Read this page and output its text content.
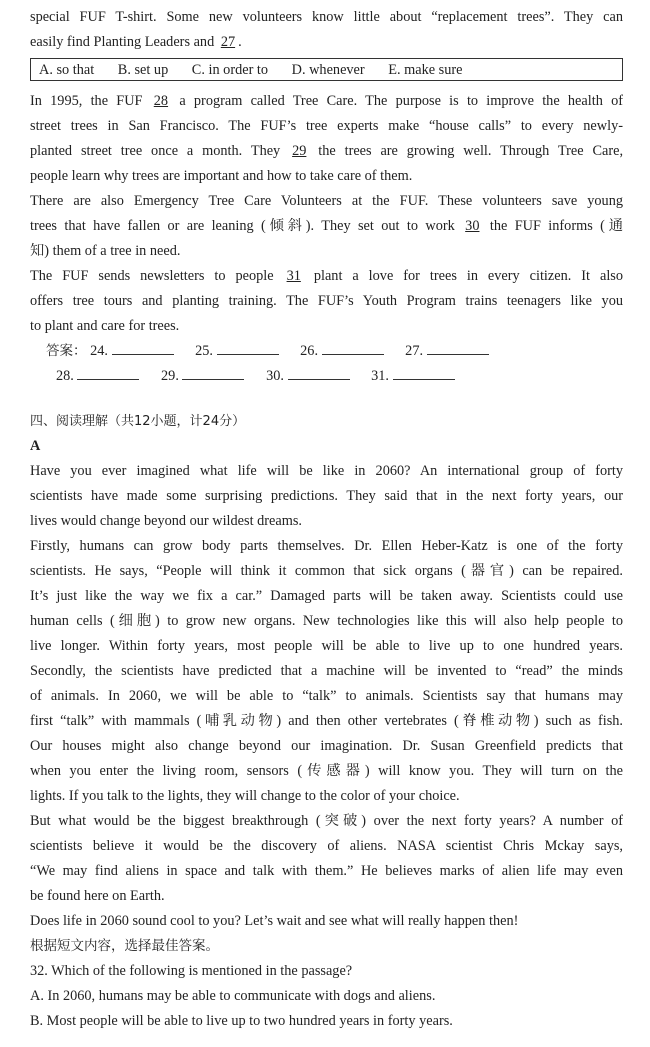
special FUF T-shirt. Some new volunteers know little about “replacement trees”. They can
easily find Planting Leaders and 27 .
A. so that B. set up C. in order to D. whenever E. make sure
In 1995, the FUF 28 a program called Tree Care. The purpose is to improve the health of
street trees in San Francisco. The FUF’s tree experts make “house calls” to every newly-
planted street tree once a month. They 29 the trees are growing well. Through Tree Care,
people learn why trees are important and how to take care of them.
There are also Emergency Tree Care Volunteers at the FUF. These volunteers save young
trees that have fallen or are leaning (倾斜). They set out to work 30 the FUF informs (通
知) them of a tree in need.
The FUF sends newsletters to people 31 plant a love for trees in every citizen. It also
offers tree tours and planting training. The FUF’s Youth Program trains teenagers like you
to plant and care for trees.
答案： 24.	25.	26.	27.
28.	29.	30.	31.
四、阅读理解（共12小题，计24分）
A
Have you ever imagined what life will be like in 2060? An international group of forty
scientists have made some surprising predictions. They said that in the next forty years, our
lives would change beyond our wildest dreams.
Firstly, humans can grow body parts themselves. Dr. Ellen Heber-Katz is one of the forty
scientists. He says, “People will think it common that sick organs (器官) can be repaired.
It’s just like the way we fix a car.” Damaged parts will be taken away. Scientists could use
human cells (细胞) to grow new organs. New technologies like this will also help people to
live longer. Within forty years, most people will be able to live up to one hundred years.
Secondly, the scientists have predicted that a machine will be invented to “read” the minds
of animals. In 2060, we will be able to “talk” to animals. Scientists say that humans may
first “talk” with mammals (哺乳动物) and then other vertebrates (脊椎动物) such as fish.
Our houses might also change beyond our imagination. Dr. Susan Greenfield predicts that
when you enter the living room, sensors (传感器) will know you. They will turn on the
lights. If you talk to the lights, they will change to the color of your choice.
But what would be the biggest breakthrough (突破) over the next forty years? A number of
scientists believe it would be the discovery of aliens. NASA scientist Chris Mckay says,
“We may find aliens in space and talk with them.” He believes marks of alien life may even
be found here on Earth.
Does life in 2060 sound cool to you? Let’s wait and see what will really happen then!
根据短文内容，选择最佳答案。
32. Which of the following is mentioned in the passage?
A. In 2060, humans may be able to communicate with dogs and aliens.
B. Most people will be able to live up to two hundred years in forty years.
